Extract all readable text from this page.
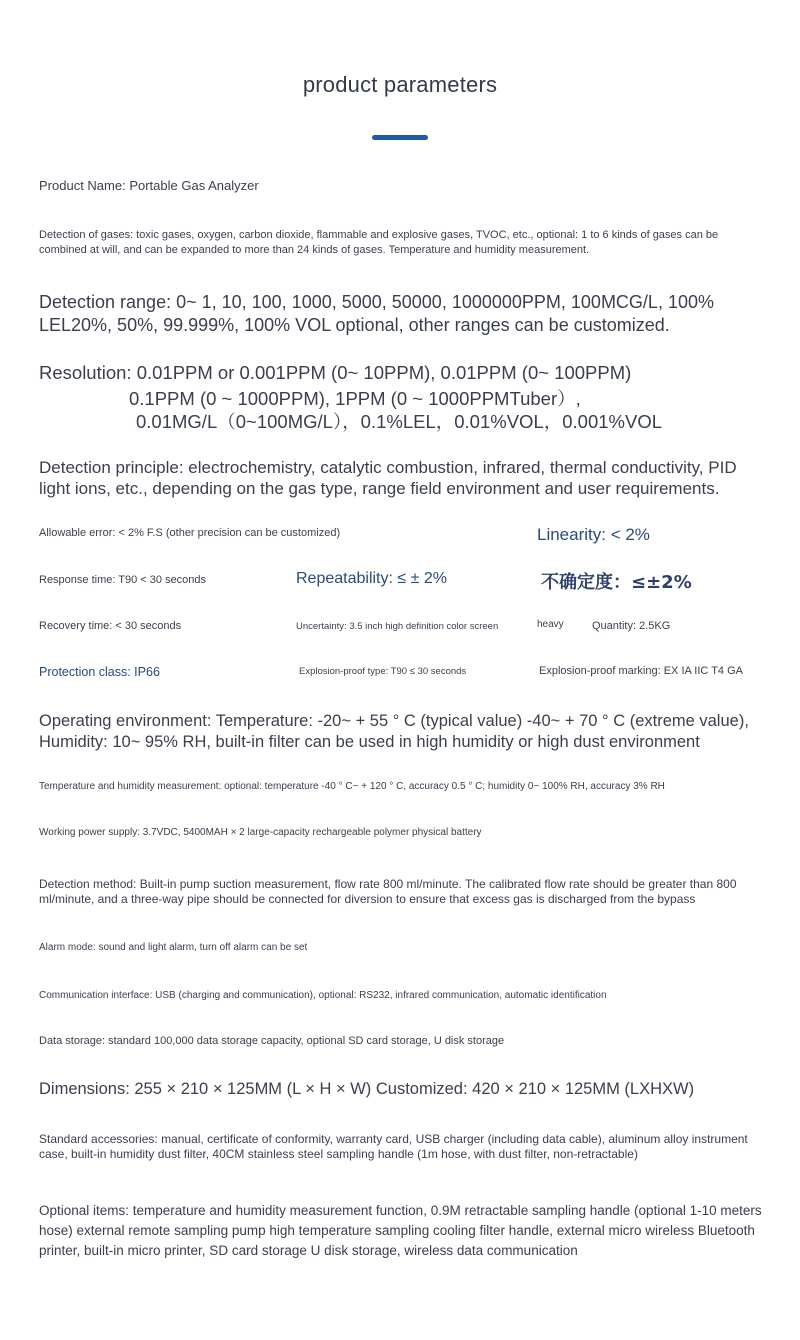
product parameters
Product Name: Portable Gas Analyzer
Detection of gases: toxic gases, oxygen, carbon dioxide, flammable and explosive gases, TVOC, etc., optional: 1 to 6 kinds of gases can be combined at will, and can be expanded to more than 24 kinds of gases. Temperature and humidity measurement.
Detection range: 0~ 1, 10, 100, 1000, 5000, 50000, 1000000PPM, 100MCG/L, 100% LEL20%, 50%, 99.999%, 100% VOL optional, other ranges can be customized.
Resolution: 0.01PPM or 0.001PPM (0~ 10PPM), 0.01PPM (0~ 100PPM)
0.1PPM (0 ~ 1000PPM), 1PPM (0 ~ 1000PPMTuber）,
0.01MG/L（0~100MG/L），0.1%LEL，0.01%VOL，0.001%VOL
Detection principle: electrochemistry, catalytic combustion, infrared, thermal conductivity, PID light ions, etc., depending on the gas type, range field environment and user requirements.
Allowable error: < 2% F.S (other precision can be customized)	Linearity: < 2%
Response time: T90 < 30 seconds	Repeatability: ≤ ± 2%	不确定度：≤±2%
Recovery time: < 30 seconds	Uncertainty: 3.5 inch high definition color screen	heavy	Quantity: 2.5KG
Protection class: IP66	Explosion-proof type: T90 ≤ 30 seconds	Explosion-proof marking: EX IA IIC T4 GA
Operating environment: Temperature: -20~ + 55 ° C (typical value) -40~ + 70 ° C (extreme value), Humidity: 10~ 95% RH, built-in filter can be used in high humidity or high dust environment
Temperature and humidity measurement: optional: temperature -40 ° C~ + 120 ° C, accuracy 0.5 ° C; humidity 0~ 100% RH, accuracy 3% RH
Working power supply: 3.7VDC, 5400MAH × 2 large-capacity rechargeable polymer physical battery
Detection method: Built-in pump suction measurement, flow rate 800 ml/minute. The calibrated flow rate should be greater than 800 ml/minute, and a three-way pipe should be connected for diversion to ensure that excess gas is discharged from the bypass
Alarm mode: sound and light alarm, turn off alarm can be set
Communication interface: USB (charging and communication), optional: RS232, infrared communication, automatic identification
Data storage: standard 100,000 data storage capacity, optional SD card storage, U disk storage
Dimensions: 255 × 210 × 125MM (L × H × W) Customized: 420 × 210 × 125MM (LXHXW)
Standard accessories: manual, certificate of conformity, warranty card, USB charger (including data cable), aluminum alloy instrument case, built-in humidity dust filter, 40CM stainless steel sampling handle (1m hose, with dust filter, non-retractable)
Optional items: temperature and humidity measurement function, 0.9M retractable sampling handle (optional 1-10 meters hose) external remote sampling pump high temperature sampling cooling filter handle, external micro wireless Bluetooth printer, built-in micro printer, SD card storage U disk storage, wireless data communication
